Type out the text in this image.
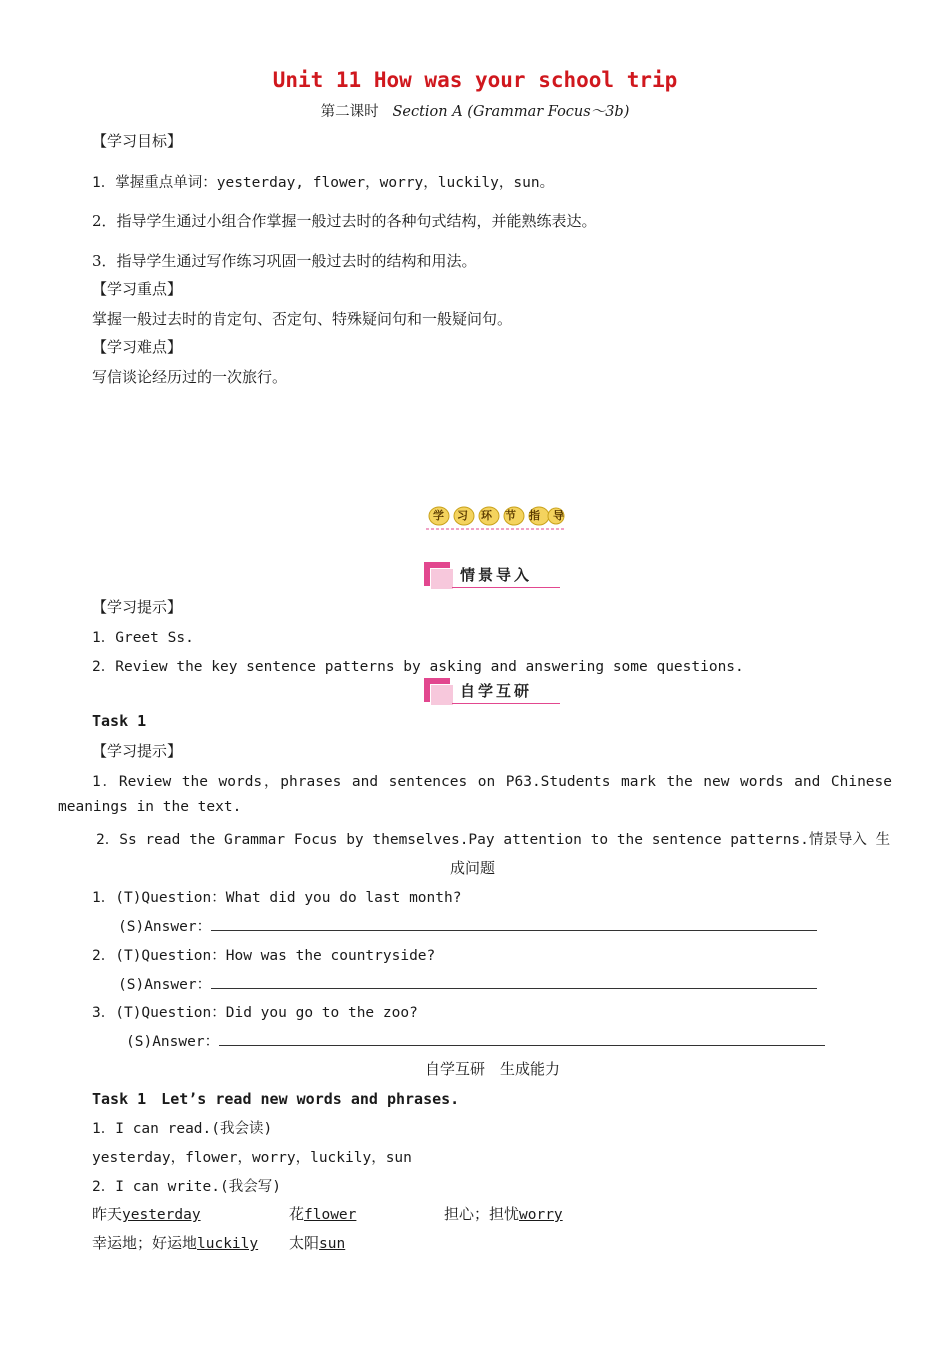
Unit 11 How was your school trip
第二课时 Section A (Grammar Focus～3b)
【学习目标】
1．掌握重点单词：yesterday, flower，worry，luckily，sun。
2．指导学生通过小组合作掌握一般过去时的各种句式结构，并能熟练表达。
3．指导学生通过写作练习巩固一般过去时的结构和用法。
【学习重点】
掌握一般过去时的肯定句、否定句、特殊疑问句和一般疑问句。
【学习难点】
写信谈论经历过的一次旅行。
学习环节指导
情景导入
【学习提示】
1．Greet Ss.
2．Review the key sentence patterns by asking and answering some questions.
自学互研
Task 1
【学习提示】
1．Review the words，phrases and sentences on P63.Students mark the new words and Chinese
meanings in the text.
2．Ss read the Grammar Focus by themselves.Pay attention to the sentence patterns.情景导入 生
成问题
1．(T)Question：What did you do last month?
(S)Answer：
2．(T)Question：How was the countryside?
(S)Answer：
3．(T)Question：Did you go to the zoo?
(S)Answer：
自学互研　生成能力
Task 1　Let’s read new words and phrases.
1．I can read.(我会读)
yesterday，flower，worry，luckily，sun
2．I can write.(我会写)
昨天yesterday	花flower	担心；担忧worry
幸运地；好运地luckily 太阳sun
